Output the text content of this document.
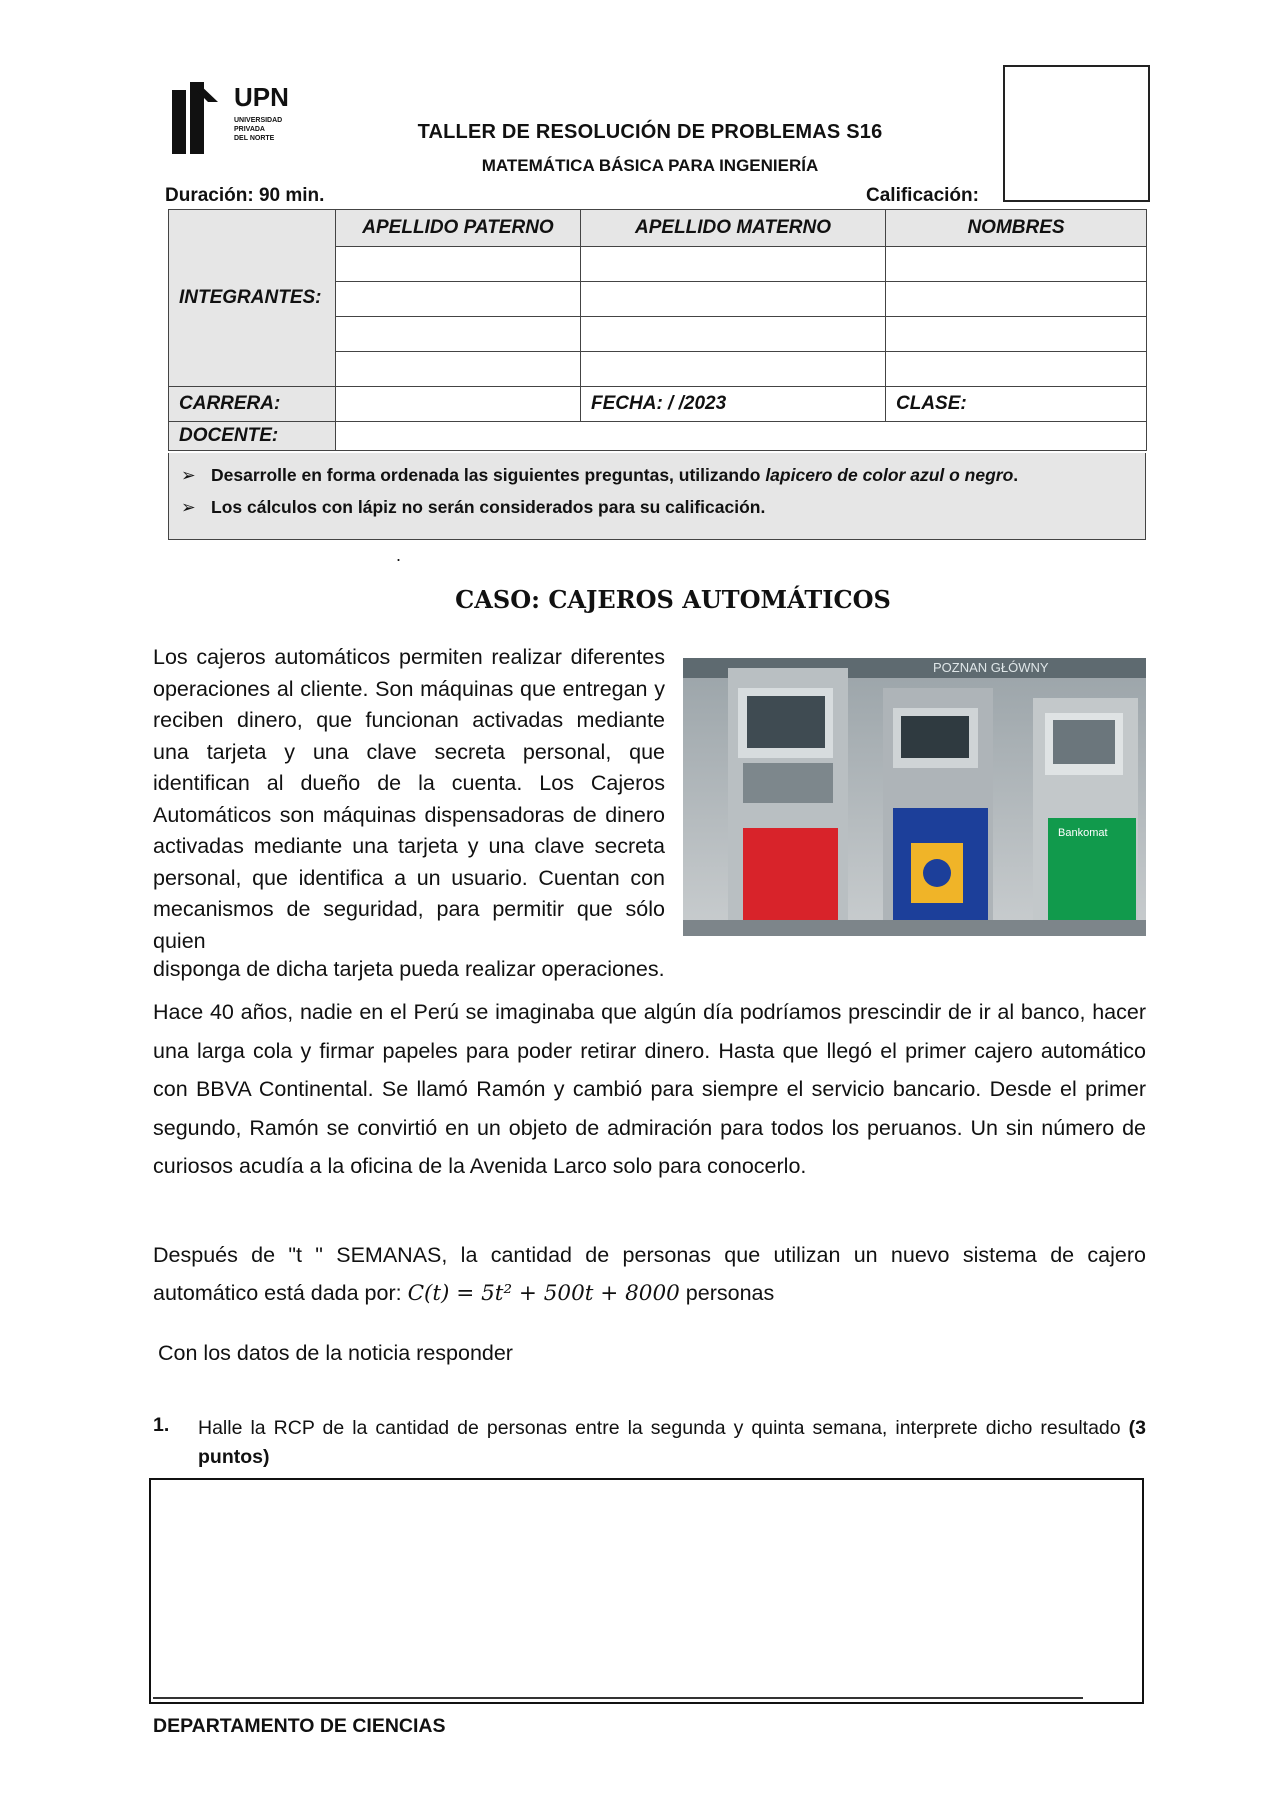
UPN
UNIVERSIDAD
PRIVADA
DEL NORTE	TALLER DE RESOLUCIÓN DE PROBLEMAS S16
MATEMÁTICA BÁSICA PARA INGENIERÍA
Duración: 90 min.	Calificación:
INTEGRANTES:	APELLIDO PATERNO	APELLIDO MATERNO	NOMBRES

CARRERA:		FECHA: / /2023	CLASE:
DOCENTE:			
➢ Desarrolle en forma ordenada las siguientes preguntas, utilizando lapicero de color azul o negro.
➢ Los cálculos con lápiz no serán considerados para su calificación.
.
CASO: CAJEROS AUTOMÁTICOS
Los cajeros automáticos permiten realizar diferentes operaciones al cliente. Son máquinas que entregan y reciben dinero, que funcionan activadas mediante una tarjeta y una clave secreta personal, que identifican al dueño de la cuenta. Los Cajeros Automáticos son máquinas dispensadoras de dinero activadas mediante una tarjeta y una clave secreta personal, que identifica a un usuario. Cuentan con mecanismos de seguridad, para permitir que sólo quien
disponga de dicha tarjeta pueda realizar operaciones.
POZNAN GŁÓWNY
Bankomat
Hace 40 años, nadie en el Perú se imaginaba que algún día podríamos prescindir de ir al banco, hacer una larga cola y firmar papeles para poder retirar dinero. Hasta que llegó el primer cajero automático con BBVA Continental. Se llamó Ramón y cambió para siempre el servicio bancario. Desde el primer segundo, Ramón se convirtió en un objeto de admiración para todos los peruanos. Un sin número de curiosos acudía a la oficina de la Avenida Larco solo para conocerlo.
Después de "t " SEMANAS, la cantidad de personas que utilizan un nuevo sistema de cajero automático está dada por: C(t) = 5t² + 500t + 8000 personas
Con los datos de la noticia responder
1. Halle la RCP de la cantidad de personas entre la segunda y quinta semana, interprete dicho resultado (3 puntos)
DEPARTAMENTO DE CIENCIAS
